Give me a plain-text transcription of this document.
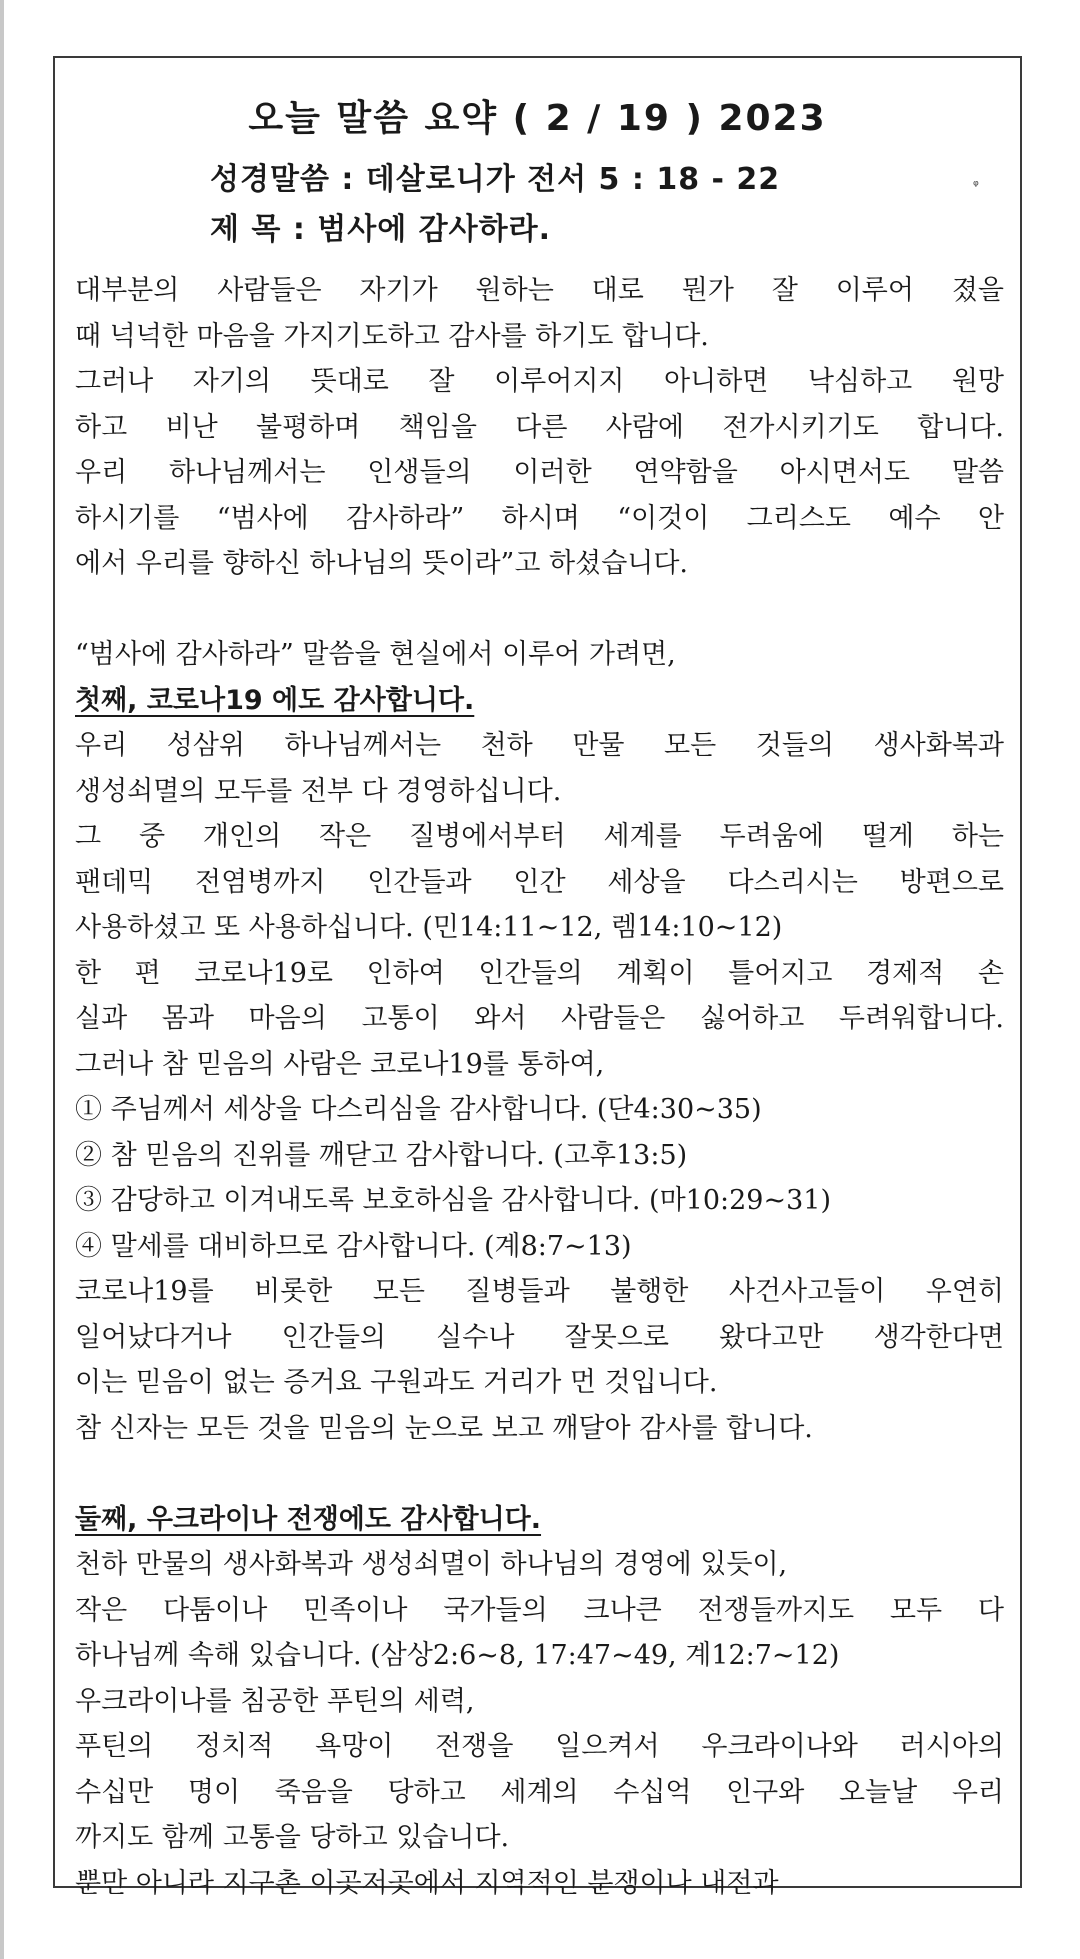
오늘 말씀 요약 ( 2 / 19 ) 2023
성경말씀 : 데살로니가 전서 5 : 18 - 22
제 목 : 범사에 감사하라.
ᵠ
대부분의 사람들은 자기가 원하는 대로 뭔가 잘 이루어 졌을
때 넉넉한 마음을 가지기도하고 감사를 하기도 합니다.
그러나 자기의 뜻대로 잘 이루어지지 아니하면 낙심하고 원망
하고 비난 불평하며 책임을 다른 사람에 전가시키기도 합니다.
우리 하나님께서는 인생들의 이러한 연약함을 아시면서도 말씀
하시기를 “범사에 감사하라” 하시며 “이것이 그리스도 예수 안
에서 우리를 향하신 하나님의 뜻이라”고 하셨습니다.
“범사에 감사하라” 말씀을 현실에서 이루어 가려면,
첫째, 코로나19 에도 감사합니다.
우리 성삼위 하나님께서는 천하 만물 모든 것들의 생사화복과
생성쇠멸의 모두를 전부 다 경영하십니다.
그 중 개인의 작은 질병에서부터 세계를 두려움에 떨게 하는
팬데믹 전염병까지 인간들과 인간 세상을 다스리시는 방편으로
사용하셨고 또 사용하십니다. (민14:11~12, 렘14:10~12)
한 편 코로나19로 인하여 인간들의 계획이 틀어지고 경제적 손
실과 몸과 마음의 고통이 와서 사람들은 싫어하고 두려워합니다.
그러나 참 믿음의 사람은 코로나19를 통하여,
① 주님께서 세상을 다스리심을 감사합니다. (단4:30~35)
② 참 믿음의 진위를 깨닫고 감사합니다. (고후13:5)
③ 감당하고 이겨내도록 보호하심을 감사합니다. (마10:29~31)
④ 말세를 대비하므로 감사합니다. (계8:7~13)
코로나19를 비롯한 모든 질병들과 불행한 사건사고들이 우연히
일어났다거나 인간들의 실수나 잘못으로 왔다고만 생각한다면
이는 믿음이 없는 증거요 구원과도 거리가 먼 것입니다.
참 신자는 모든 것을 믿음의 눈으로 보고 깨달아 감사를 합니다.
둘째, 우크라이나 전쟁에도 감사합니다.
천하 만물의 생사화복과 생성쇠멸이 하나님의 경영에 있듯이,
작은 다툼이나 민족이나 국가들의 크나큰 전쟁들까지도 모두 다
하나님께 속해 있습니다. (삼상2:6~8, 17:47~49, 계12:7~12)
우크라이나를 침공한 푸틴의 세력,
푸틴의 정치적 욕망이 전쟁을 일으켜서 우크라이나와 러시아의
수십만 명이 죽음을 당하고 세계의 수십억 인구와 오늘날 우리
까지도 함께 고통을 당하고 있습니다.
뿐만 아니라 지구촌 이곳저곳에서 지역적인 분쟁이나 내전과
